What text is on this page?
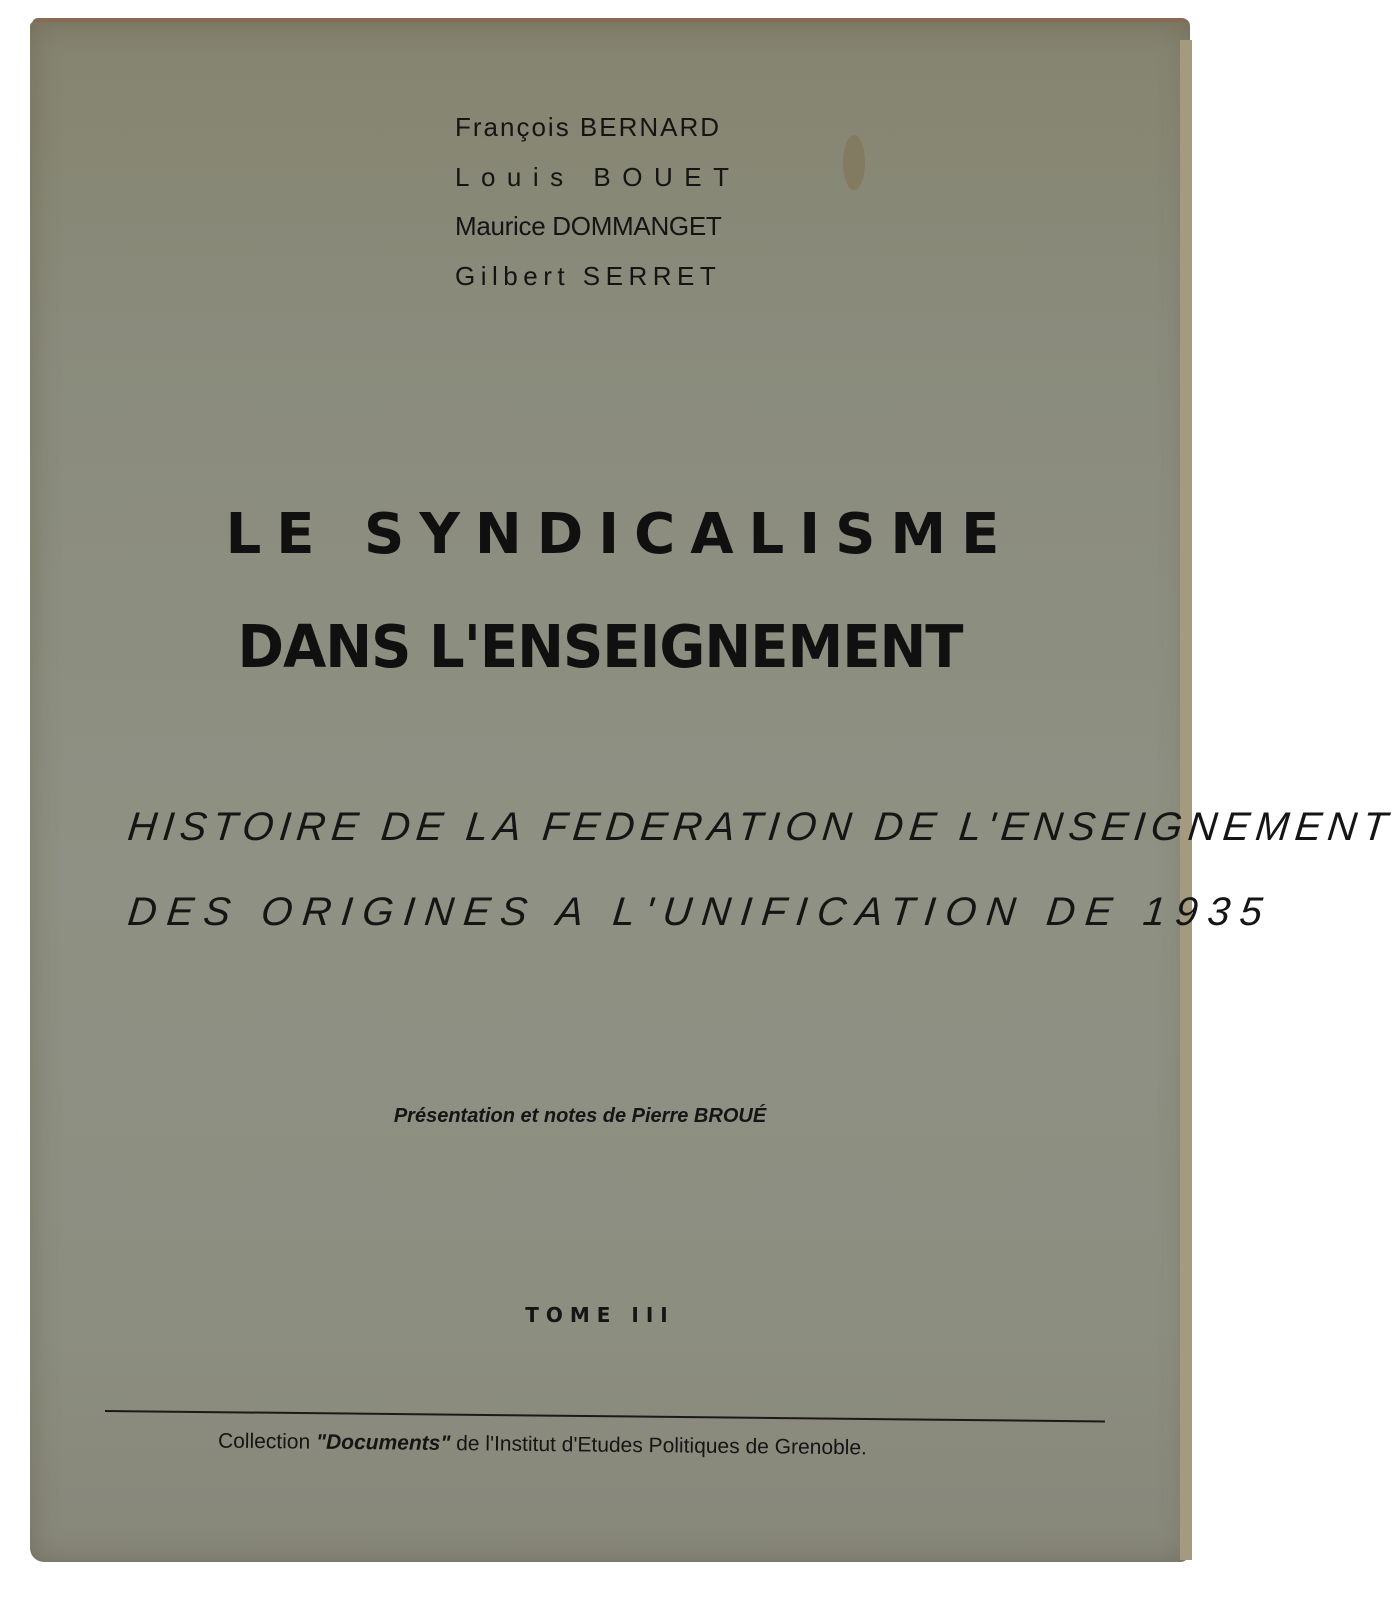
François BERNARD
Louis BOUET
Maurice DOMMANGET
Gilbert SERRET
LE SYNDICALISME
DANS L'ENSEIGNEMENT
HISTOIRE DE LA FEDERATION DE L'ENSEIGNEMENT
DES ORIGINES A L'UNIFICATION DE 1935
Présentation et notes de Pierre BROUÉ
TOME III
Collection "Documents" de l'Institut d'Etudes Politiques de Grenoble.
